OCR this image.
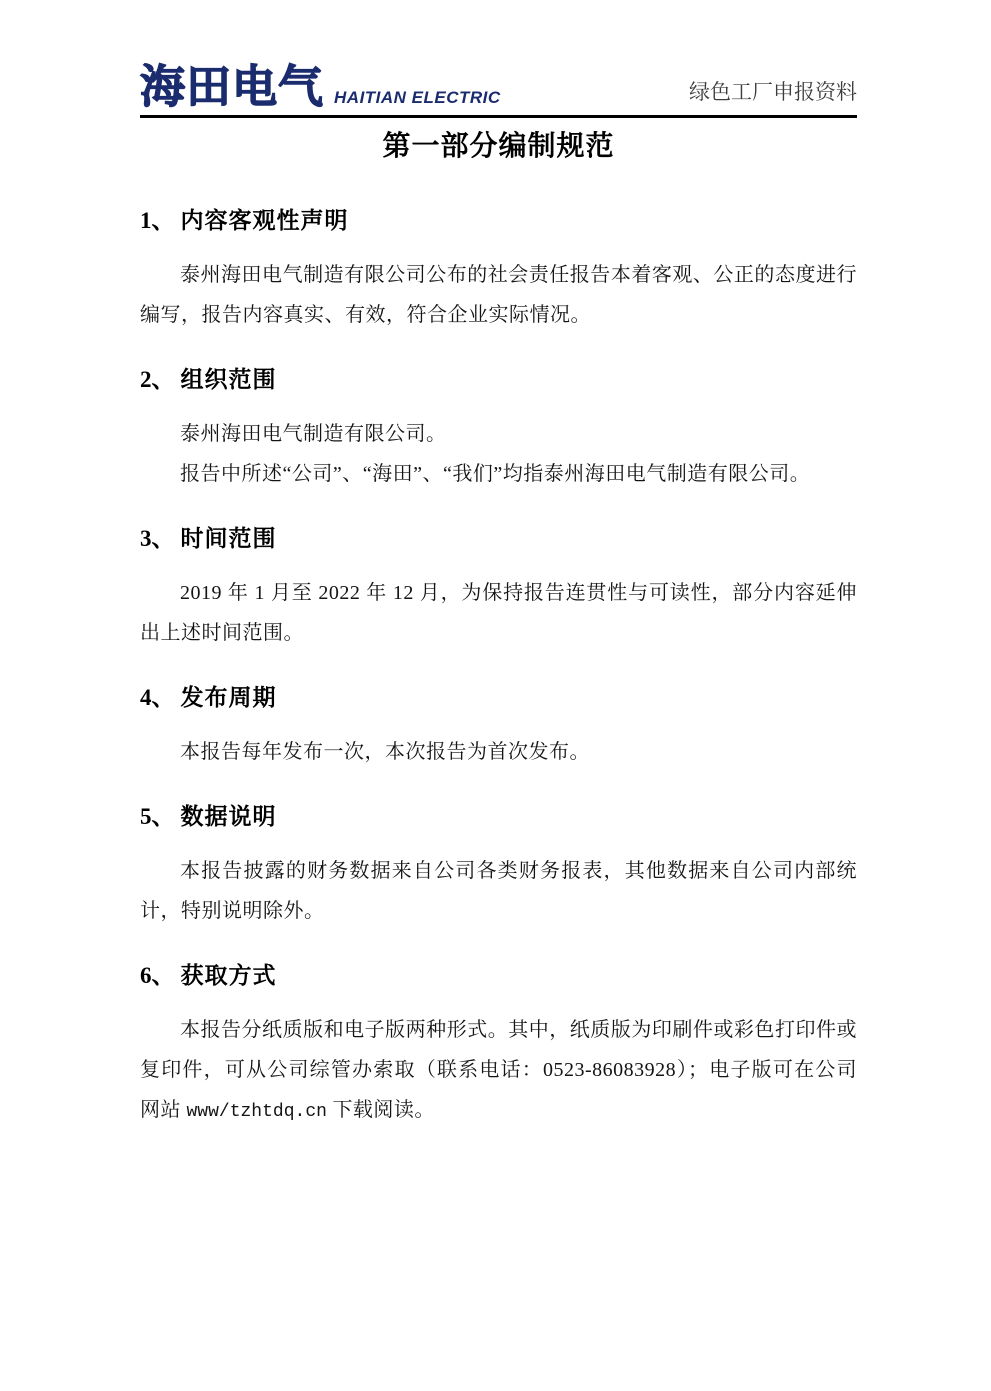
海田电气 HAITIAN ELECTRIC	绿色工厂申报资料
第一部分编制规范
1、 内容客观性声明

泰州海田电气制造有限公司公布的社会责任报告本着客观、公正的态度进行编写，报告内容真实、有效，符合企业实际情况。

2、 组织范围

泰州海田电气制造有限公司。

报告中所述“公司”、“海田”、“我们”均指泰州海田电气制造有限公司。

3、 时间范围

2019 年 1 月至 2022 年 12 月，为保持报告连贯性与可读性，部分内容延伸出上述时间范围。

4、 发布周期

本报告每年发布一次，本次报告为首次发布。

5、 数据说明

本报告披露的财务数据来自公司各类财务报表，其他数据来自公司内部统计，特别说明除外。

6、 获取方式

本报告分纸质版和电子版两种形式。其中，纸质版为印刷件或彩色打印件或复印件，可从公司综管办索取（联系电话：0523-86083928）；电子版可在公司网站 www/tzhtdq.cn 下载阅读。
